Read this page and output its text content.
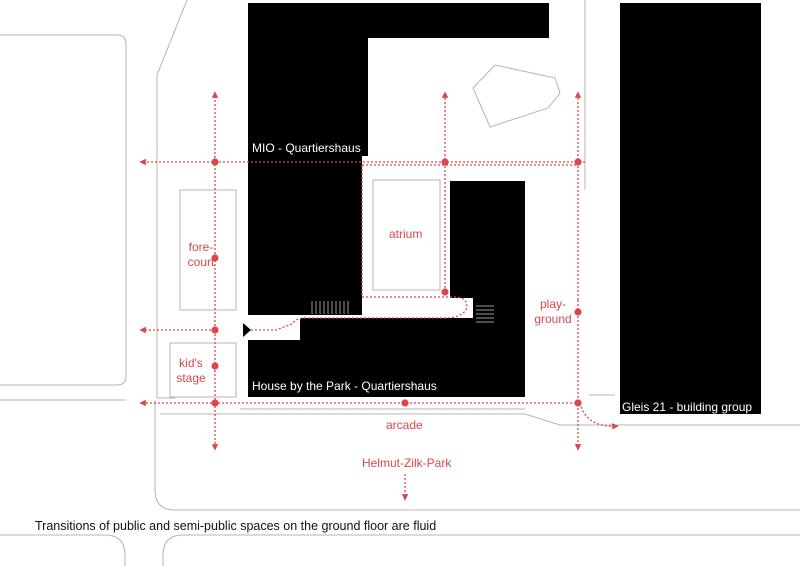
MIO - Quartiershaus
House by the Park - Quartiershaus
Gleis 21 - building group
atrium
fore-
court
kid's
stage
play-
ground
arcade
Helmut-Zilk-Park
Transitions of public and semi-public spaces on the ground floor are fluid
